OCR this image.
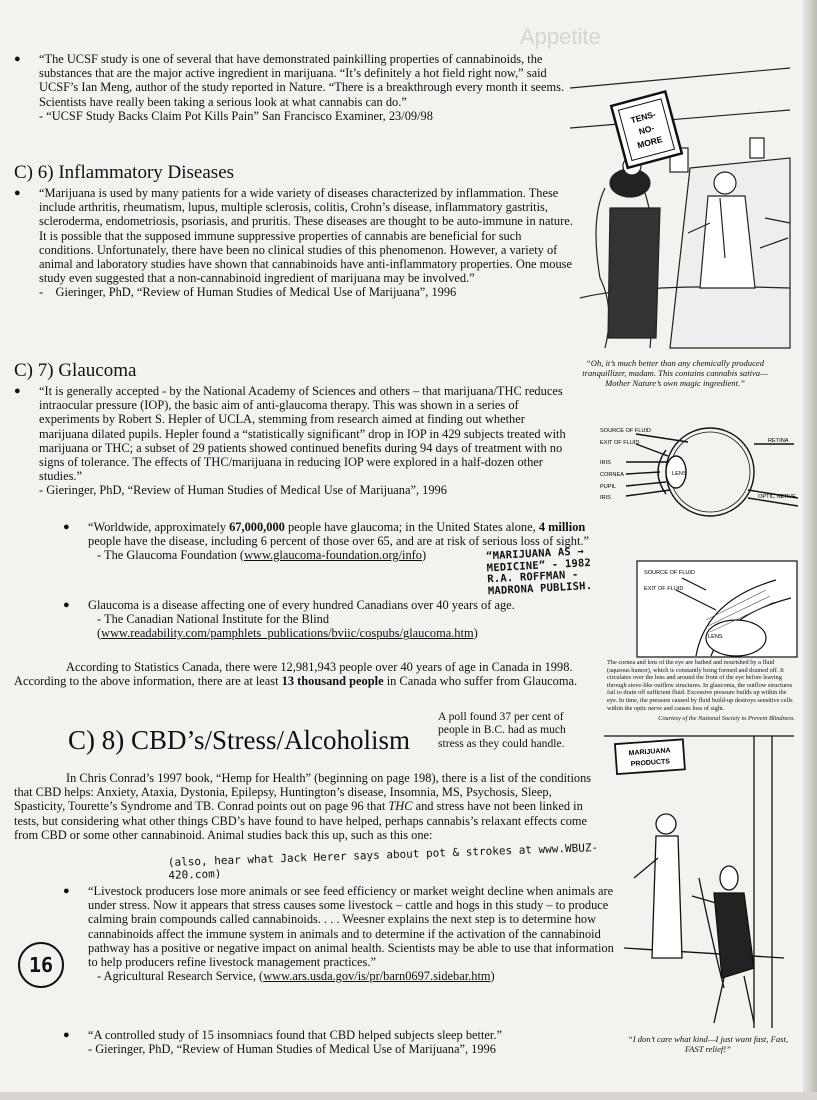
Appetite
● “The UCSF study is one of several that have demonstrated painkilling properties of cannabinoids, the substances that are the major active ingredient in marijuana. “It’s definitely a hot field right now,” said UCSF’s Ian Meng, author of the study reported in Nature. “There is a breakthrough every month it seems. Scientists have really been taking a serious look at what cannabis can do.”
- “UCSF Study Backs Claim Pot Kills Pain” San Francisco Examiner, 23/09/98
C) 6) Inflammatory Diseases
● “Marijuana is used by many patients for a wide variety of diseases characterized by inflammation. These include arthritis, rheumatism, lupus, multiple sclerosis, colitis, Crohn’s disease, inflammatory gastritis, scleroderma, endometriosis, psoriasis, and pruritis. These diseases are thought to be auto-immune in nature. It is possible that the supposed immune suppressive properties of cannabis are beneficial for such conditions. Unfortunately, there have been no clinical studies of this phenomenon. However, a variety of animal and laboratory studies have shown that cannabinoids have anti-inflammatory properties. One mouse study even suggested that a non-cannabinoid ingredient of marijuana may be involved.”
-    Gieringer, PhD, “Review of Human Studies of Medical Use of Marijuana”, 1996
C) 7) Glaucoma
● “It is generally accepted - by the National Academy of Sciences and others – that marijuana/THC reduces intraocular pressure (IOP), the basic aim of anti-glaucoma therapy. This was shown in a series of experiments by Robert S. Hepler of UCLA, stemming from research aimed at finding out whether marijuana dilated pupils. Hepler found a “statistically significant” drop in IOP in 429 subjects treated with marijuana or THC; a subset of 29 patients showed continued benefits during 94 days of treatment with no signs of tolerance. The effects of THC/marijuana in reducing IOP were explored in a half-dozen other studies.”
- Gieringer, PhD, “Review of Human Studies of Medical Use of Marijuana”, 1996
● “Worldwide, approximately 67,000,000 people have glaucoma; in the United States alone, 4 million people have the disease, including 6 percent of those over 65, and are at risk of serious loss of sight.”
- The Glaucoma Foundation (www.glaucoma-foundation.org/info)
● Glaucoma is a disease affecting one of every hundred Canadians over 40 years of age.
- The Canadian National Institute for the Blind
(www.readability.com/pamphlets_publications/bviic/cospubs/glaucoma.htm)
According to Statistics Canada, there were 12,981,943 people over 40 years of age in Canada in 1998. According to the above information, there are at least 13 thousand people in Canada who suffer from Glaucoma.
C) 8) CBD’s/Stress/Alcoholism
A poll found 37 per cent of people in B.C. had as much stress as they could handle.
In Chris Conrad’s 1997 book, “Hemp for Health” (beginning on page 198), there is a list of the conditions that CBD helps: Anxiety, Ataxia, Dystonia, Epilepsy, Huntington’s disease, Insomnia, MS, Psychosis, Sleep, Spasticity, Tourette’s Syndrome and TB. Conrad points out on page 96 that THC and stress have not been linked in tests, but considering what other things CBD’s have found to have helped, perhaps cannabis’s relaxant effects come from CBD or some other cannabinoid. Animal studies back this up, such as this one:
(also, hear what Jack Herer says about pot & strokes at www.WBUZ-420.com)
● “Livestock producers lose more animals or see feed efficiency or market weight decline when animals are under stress. Now it appears that stress causes some livestock – cattle and hogs in this study – to produce calming brain compounds called cannabinoids. . . . Weesner explains the next step is to determine how cannabinoids affect the immune system in animals and to determine if the activation of the cannabinoid pathway has a positive or negative impact on animal health. Scientists may be able to use that information to help producers refine livestock management practices.”
- Agricultural Research Service, (www.ars.usda.gov/is/pr/barn0697.sidebar.htm)
● “A controlled study of 15 insomniacs found that CBD helped subjects sleep better.”
- Gieringer, PhD, “Review of Human Studies of Medical Use of Marijuana”, 1996
16
TENS-
NO-
MORE
“Oh, it’s much better than any chemically produced tranquillizer, madam. This contains cannabis sativa—Mother Nature’s own magic ingredient.”
SOURCE OF FLUID
EXIT OF FLUID
IRIS
CORNEA
PUPIL
IRIS
LENS
RETINA
OPTIC NERVE
“MARIJUANA AS → MEDICINE” - 1982 R.A. ROFFMAN - MADRONA PUBLISH.
SOURCE OF FLUID
EXIT OF FLUID
LENS
The cornea and lens of the eye are bathed and nourished by a fluid (aqueous humor), which is constantly being formed and drained off. It circulates over the lens and around the front of the eye before leaving through sieve-like outflow structures. In glaucoma, the outflow structures fail to drain off sufficient fluid. Excessive pressure builds up within the eye. In time, the pressure caused by fluid build-up destroys sensitive cells within the optic nerve and causes loss of sight.
Courtesy of the National Society to Prevent Blindness.
MARIJUANA
PRODUCTS
“I don’t care what kind—I just want fast, Fast, FAST relief!”
